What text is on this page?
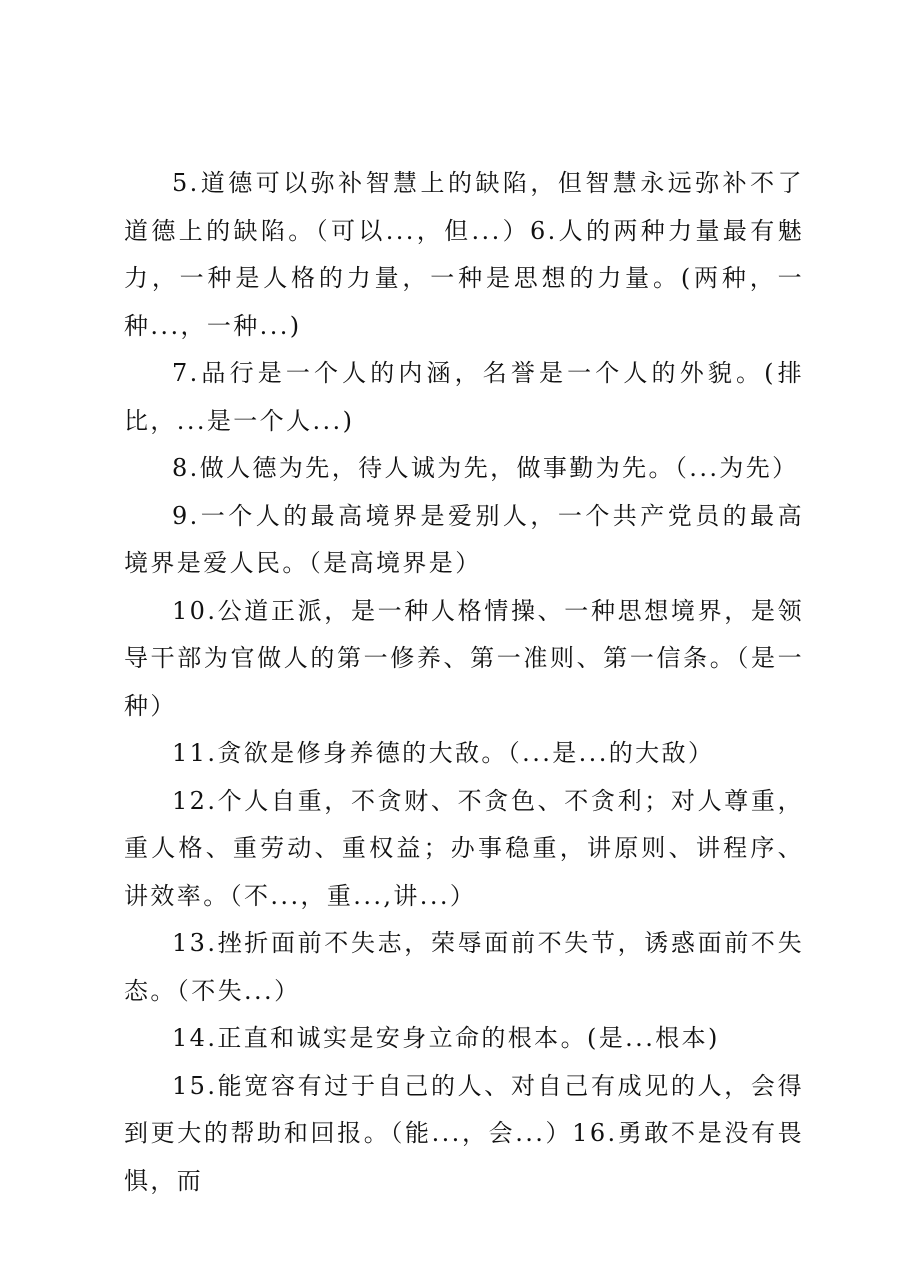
5.道德可以弥补智慧上的缺陷，但智慧永远弥补不了道德上的缺陷。（可以...，但...）6.人的两种力量最有魅力，一种是人格的力量，一种是思想的力量。(两种，一种...，一种...)

7.品行是一个人的内涵，名誉是一个人的外貌。(排比，...是一个人...)

8.做人德为先，待人诚为先，做事勤为先。（...为先）

9.一个人的最高境界是爱别人，一个共产党员的最高境界是爱人民。（是高境界是）

10.公道正派，是一种人格情操、一种思想境界，是领导干部为官做人的第一修养、第一准则、第一信条。（是一种）

11.贪欲是修身养德的大敌。（...是...的大敌）

12.个人自重，不贪财、不贪色、不贪利；对人尊重，重人格、重劳动、重权益；办事稳重，讲原则、讲程序、讲效率。（不...，重...,讲...）

13.挫折面前不失志，荣辱面前不失节，诱惑面前不失态。（不失...）

14.正直和诚实是安身立命的根本。(是...根本)

15.能宽容有过于自己的人、对自己有成见的人，会得到更大的帮助和回报。（能...，会...）16.勇敢不是没有畏惧，而
